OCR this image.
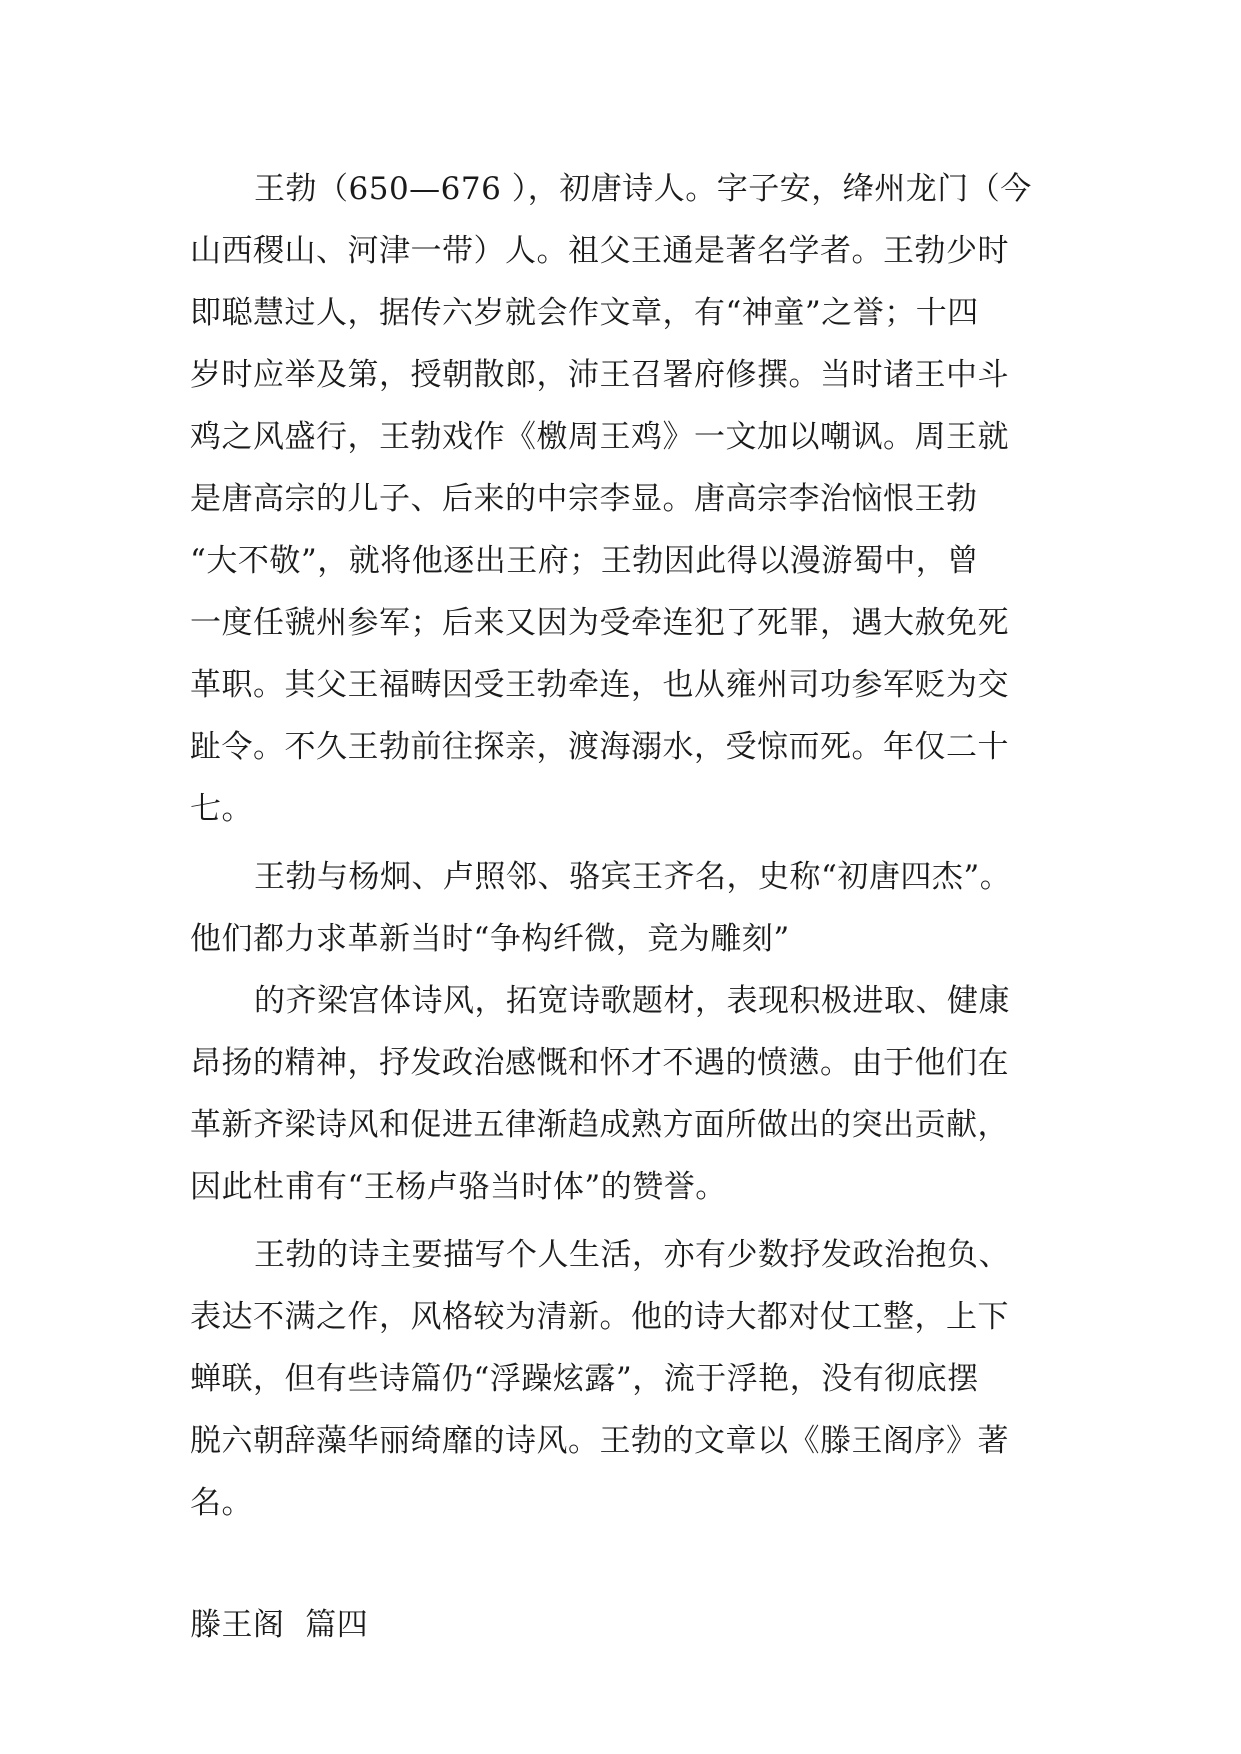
王勃（650—676 ），初唐诗人。字子安，绛州龙门（今
山西稷山、河津一带）人。祖父王通是著名学者。王勃少时
即聪慧过人，据传六岁就会作文章，有“神童”之誉；十四
岁时应举及第，授朝散郎，沛王召署府修撰。当时诸王中斗
鸡之风盛行，王勃戏作《檄周王鸡》一文加以嘲讽。周王就
是唐高宗的儿子、后来的中宗李显。唐高宗李治恼恨王勃
“大不敬”，就将他逐出王府；王勃因此得以漫游蜀中，曾
一度任虢州参军；后来又因为受牵连犯了死罪，遇大赦免死
革职。其父王福畴因受王勃牵连，也从雍州司功参军贬为交
趾令。不久王勃前往探亲，渡海溺水，受惊而死。年仅二十
七。
王勃与杨炯、卢照邻、骆宾王齐名，史称“初唐四杰”。
他们都力求革新当时“争构纤微，竞为雕刻”
的齐梁宫体诗风，拓宽诗歌题材，表现积极进取、健康
昂扬的精神，抒发政治感慨和怀才不遇的愤懑。由于他们在
革新齐梁诗风和促进五律渐趋成熟方面所做出的突出贡献，
因此杜甫有“王杨卢骆当时体”的赞誉。
王勃的诗主要描写个人生活，亦有少数抒发政治抱负、
表达不满之作，风格较为清新。他的诗大都对仗工整，上下
蝉联，但有些诗篇仍“浮躁炫露”，流于浮艳，没有彻底摆
脱六朝辞藻华丽绮靡的诗风。王勃的文章以《滕王阁序》著
名。
滕王阁  篇四
